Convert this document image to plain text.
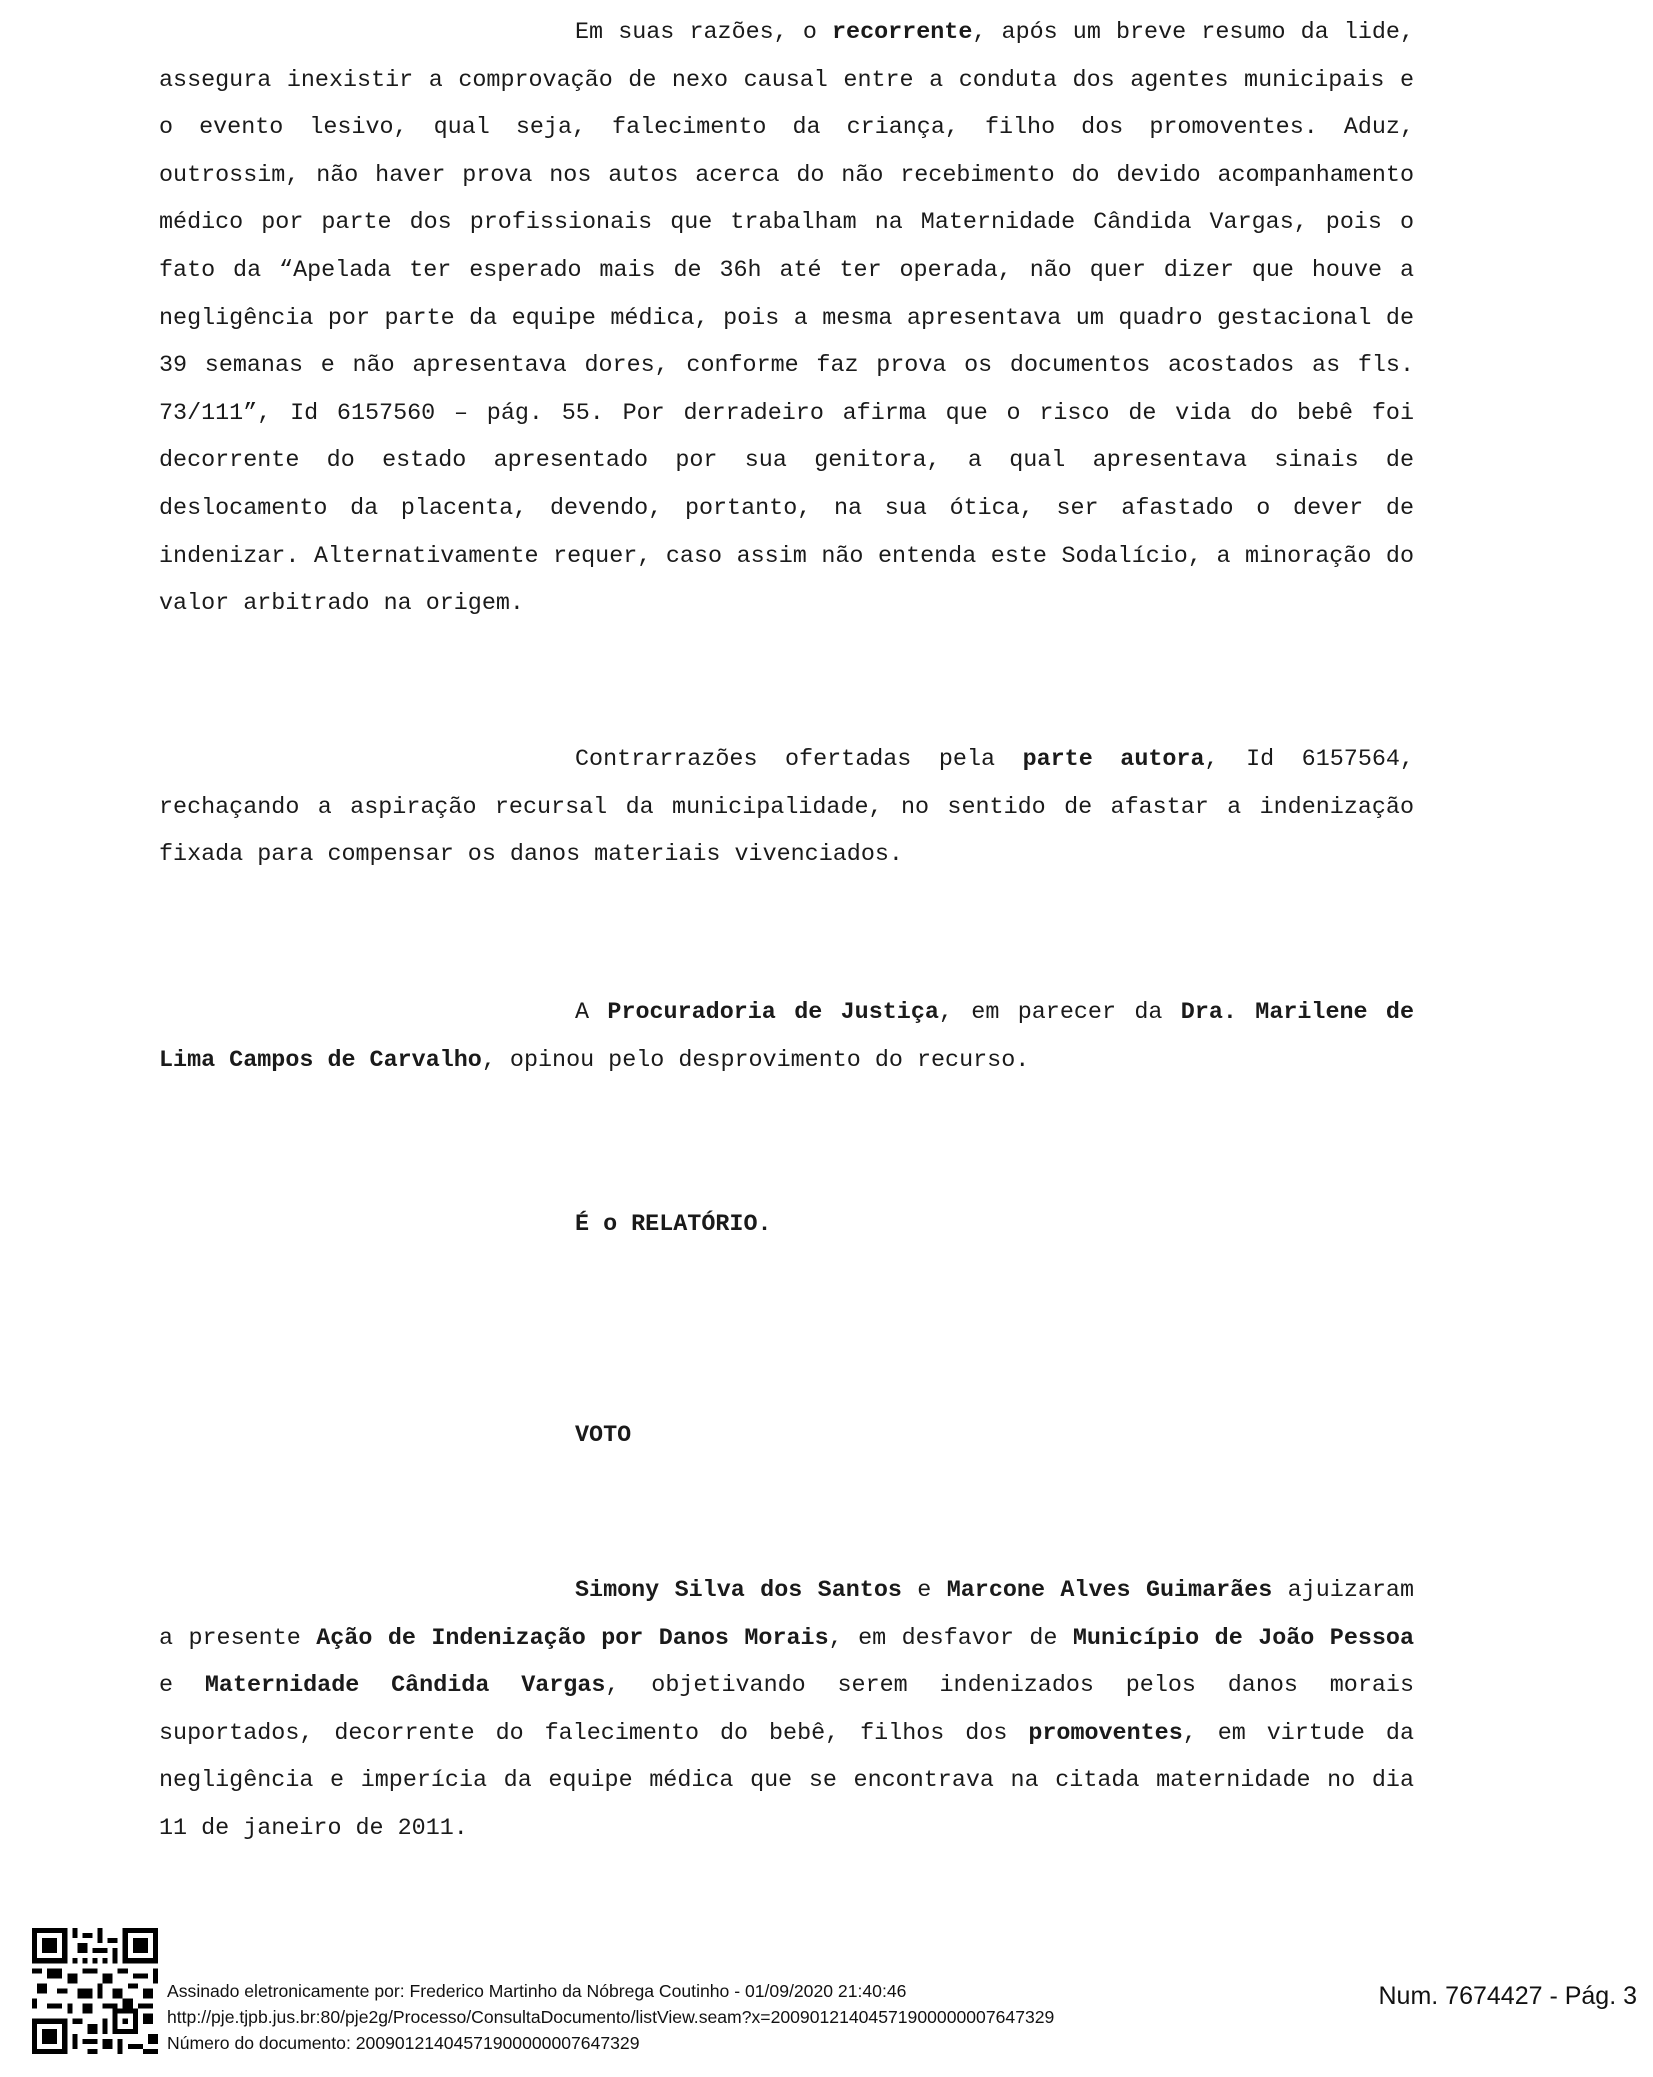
Em suas razões, o recorrente, após um breve resumo da lide, assegura inexistir a comprovação de nexo causal entre a conduta dos agentes municipais e o evento lesivo, qual seja, falecimento da criança, filho dos promoventes. Aduz, outrossim, não haver prova nos autos acerca do não recebimento do devido acompanhamento médico por parte dos profissionais que trabalham na Maternidade Cândida Vargas, pois o fato da “Apelada ter esperado mais de 36h até ter operada, não quer dizer que houve a negligência por parte da equipe médica, pois a mesma apresentava um quadro gestacional de 39 semanas e não apresentava dores, conforme faz prova os documentos acostados as fls. 73/111”, Id 6157560 – pág. 55. Por derradeiro afirma que o risco de vida do bebê foi decorrente do estado apresentado por sua genitora, a qual apresentava sinais de deslocamento da placenta, devendo, portanto, na sua ótica, ser afastado o dever de indenizar. Alternativamente requer, caso assim não entenda este Sodalício, a minoração do valor arbitrado na origem.

Contrarrazões ofertadas pela parte autora, Id 6157564, rechaçando a aspiração recursal da municipalidade, no sentido de afastar a indenização fixada para compensar os danos materiais vivenciados.

A Procuradoria de Justiça, em parecer da Dra. Marilene de Lima Campos de Carvalho, opinou pelo desprovimento do recurso.

É o RELATÓRIO.

VOTO

Simony Silva dos Santos e Marcone Alves Guimarães ajuizaram a presente Ação de Indenização por Danos Morais, em desfavor de Município de João Pessoa e Maternidade Cândida Vargas, objetivando serem indenizados pelos danos morais suportados, decorrente do falecimento do bebê, filhos dos promoventes, em virtude da negligência e imperícia da equipe médica que se encontrava na citada maternidade no dia 11 de janeiro de 2011.

Assinado eletronicamente por: Frederico Martinho da Nóbrega Coutinho - 01/09/2020 21:40:46
http://pje.tjpb.jus.br:80/pje2g/Processo/ConsultaDocumento/listView.seam?x=20090121404571900000007647329
Número do documento: 20090121404571900000007647329
Num. 7674427 - Pág. 3
